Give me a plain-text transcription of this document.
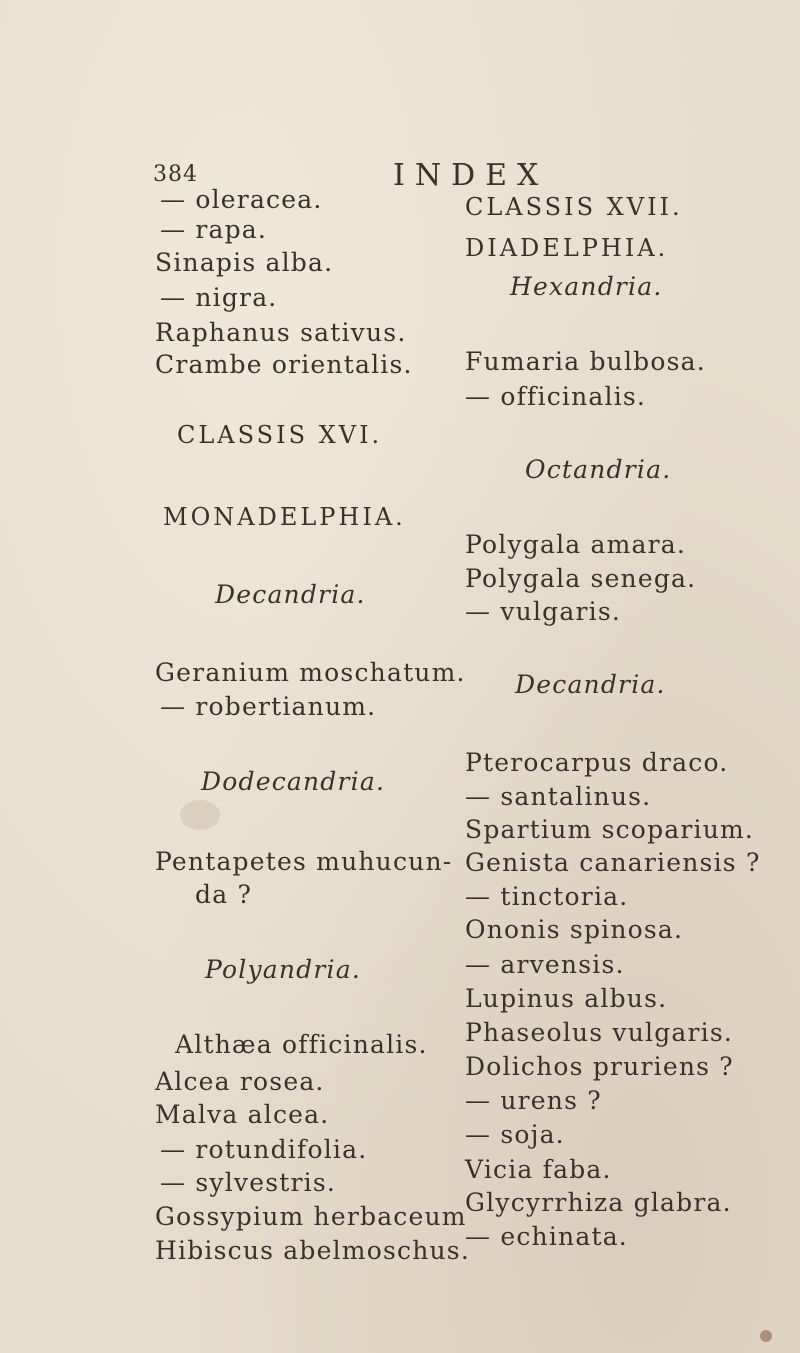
384	INDEX
— oleracea.
— rapa.
Sinapis alba.
— nigra.
Raphanus sativus.
Crambe orientalis.
CLASSIS XVI.
MONADELPHIA.
Decandria.
Geranium moschatum.
— robertianum.
Dodecandria.
Pentapetes muhucun-
da ?
Polyandria.
Althæa officinalis.
Alcea rosea.
Malva alcea.
— rotundifolia.
— sylvestris.
Gossypium herbaceum
Hibiscus abelmoschus.
CLASSIS XVII.
DIADELPHIA.
Hexandria.
Fumaria bulbosa.
— officinalis.
Octandria.
Polygala amara.
Polygala senega.
— vulgaris.
Decandria.
Pterocarpus draco.
— santalinus.
Spartium scoparium.
Genista canariensis ?
— tinctoria.
Ononis spinosa.
— arvensis.
Lupinus albus.
Phaseolus vulgaris.
Dolichos pruriens ?
— urens ?
— soja.
Vicia faba.
Glycyrrhiza glabra.
— echinata.
